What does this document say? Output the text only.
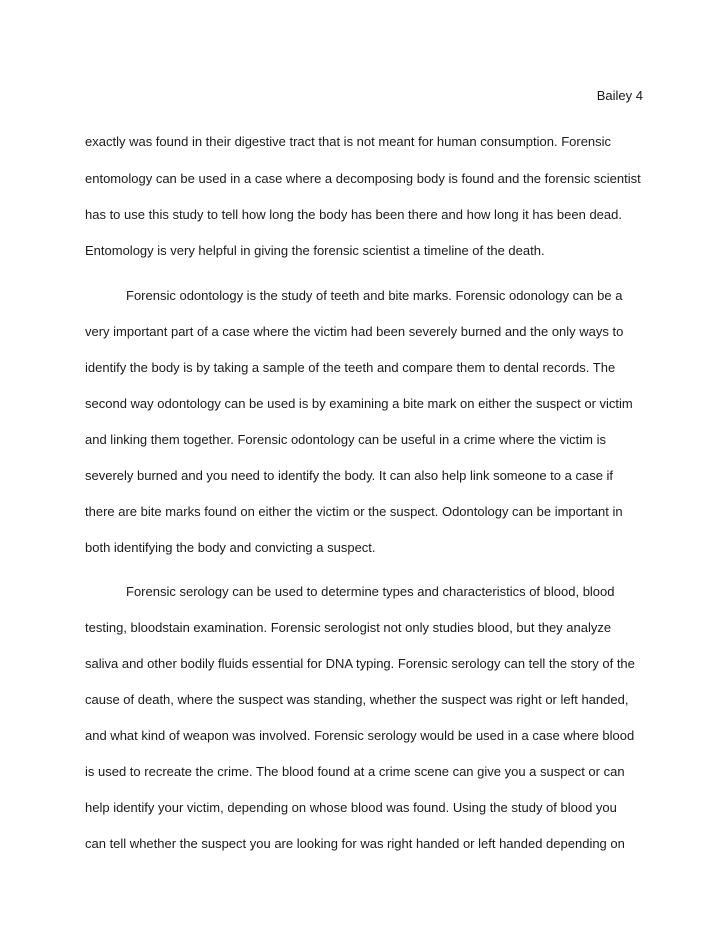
Bailey 4
exactly was found in their digestive tract that is not meant for human consumption. Forensic
entomology can be used in a case where a decomposing body is found and the forensic scientist
has to use this study to tell how long the body has been there and how long it has been dead.
Entomology is very helpful in giving the forensic scientist a timeline of the death.
Forensic odontology is the study of teeth and bite marks. Forensic odonology can be a
very important part of a case where the victim had been severely burned and the only ways to
identify the body is by taking a sample of the teeth and compare them to dental records. The
second way odontology can be used is by examining a bite mark on either the suspect or victim
and linking them together. Forensic odontology can be useful in a crime where the victim is
severely burned and you need to identify the body. It can also help link someone to a case if
there are bite marks found on either the victim or the suspect. Odontology can be important in
both identifying the body and convicting a suspect.
Forensic serology can be used to determine types and characteristics of blood, blood
testing, bloodstain examination. Forensic serologist not only studies blood, but they analyze
saliva and other bodily fluids essential for DNA typing. Forensic serology can tell the story of the
cause of death, where the suspect was standing, whether the suspect was right or left handed,
and what kind of weapon was involved. Forensic serology would be used in a case where blood
is used to recreate the crime. The blood found at a crime scene can give you a suspect or can
help identify your victim, depending on whose blood was found. Using the study of blood you
can tell whether the suspect you are looking for was right handed or left handed depending on
